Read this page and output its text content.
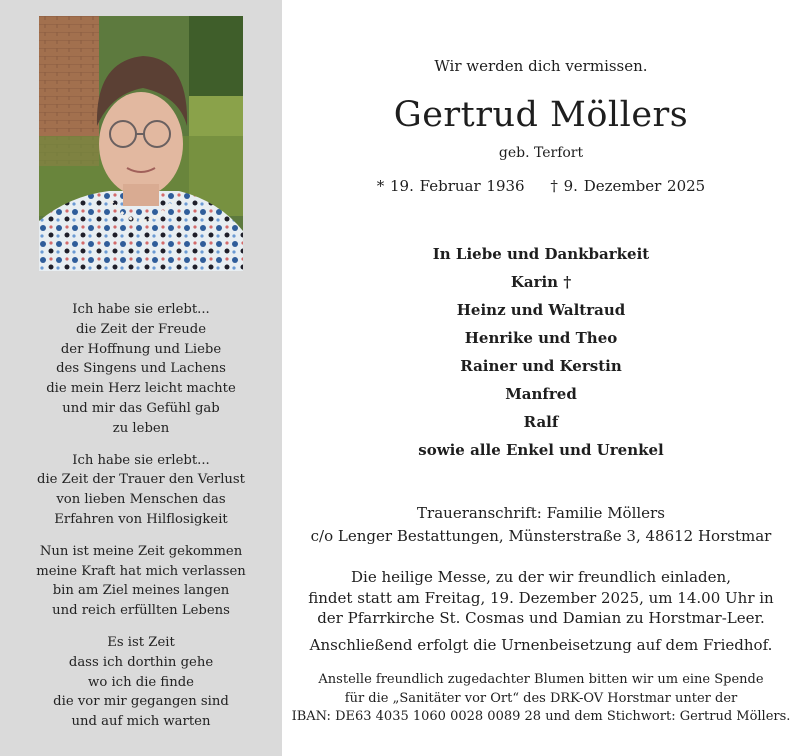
Ich habe sie erlebt...
die Zeit der Freude
der Hoffnung und Liebe
des Singens und Lachens
die mein Herz leicht machte
und mir das Gefühl gab
zu leben
Ich habe sie erlebt...
die Zeit der Trauer den Verlust
von lieben Menschen das
Erfahren von Hilflosigkeit
Nun ist meine Zeit gekommen
meine Kraft hat mich verlassen
bin am Ziel meines langen
und reich erfüllten Lebens
Es ist Zeit
dass ich dorthin gehe
wo ich die finde
die vor mir gegangen sind
und auf mich warten
Wir werden dich vermissen.
Gertrud Möllers
geb. Terfort
* 19. Februar 1936 † 9. Dezember 2025
In Liebe und Dankbarkeit
Karin †
Heinz und Waltraud
Henrike und Theo
Rainer und Kerstin
Manfred
Ralf
sowie alle Enkel und Urenkel
Traueranschrift: Familie Möllers
c/o Lenger Bestattungen, Münsterstraße 3, 48612 Horstmar
Die heilige Messe, zu der wir freundlich einladen,
findet statt am Freitag, 19. Dezember 2025, um 14.00 Uhr in
der Pfarrkirche St. Cosmas und Damian zu Horstmar-Leer.
Anschließend erfolgt die Urnenbeisetzung auf dem Friedhof.
Anstelle freundlich zugedachter Blumen bitten wir um eine Spende
für die „Sanitäter vor Ort“ des DRK-OV Horstmar unter der
IBAN: DE63 4035 1060 0028 0089 28 und dem Stichwort: Gertrud Möllers.
